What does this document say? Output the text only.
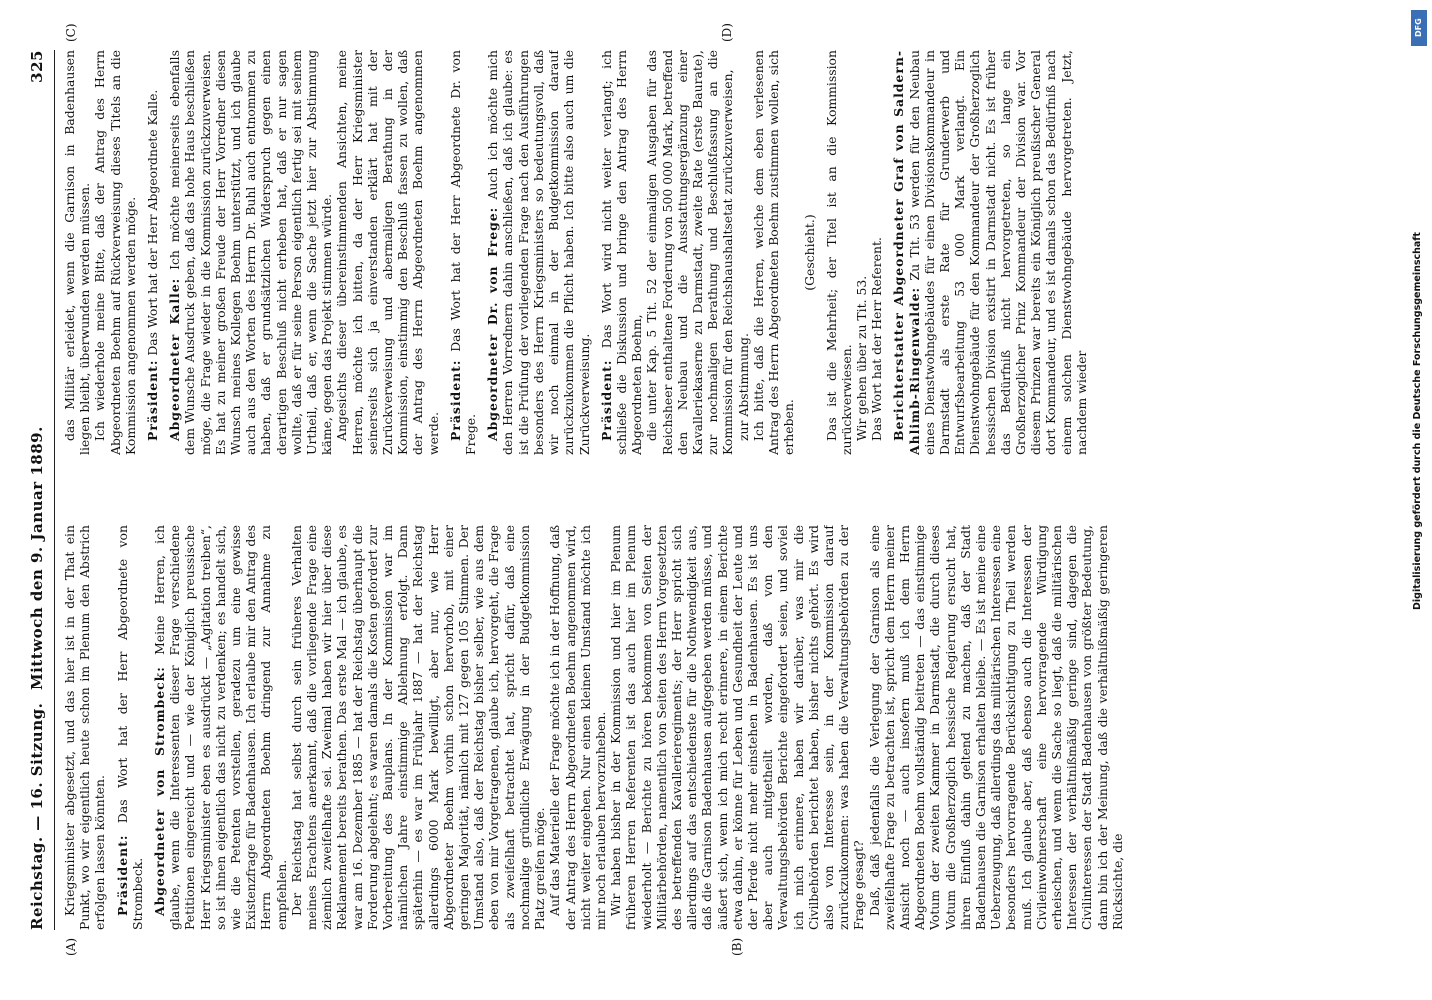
Reichstag. — 16. Sitzung.
Mittwoch den 9. Januar 1889.
325
(A)	(B)
(C)	(D)

Kriegsminister abgesetzt, und das hier ist in der That ein Punkt, wo wir eigentlich heute schon im Plenum den Abstrich erfolgen lassen könnten. Präsident: Das Wort hat der Herr Abgeordnete von Strombeck. Abgeordneter von Strombeck: Meine Herren, ich glaube, wenn die Interessenten dieser Frage verschiedene Petitionen eingereicht und — wie der Königlich preussische Herr Kriegsminister eben es ausdrückt — „Agitation treiben“, so ist ihnen eigentlich das nicht zu verdenken; es handelt sich, wie die Petenten vorstellen, geradezu um eine gewisse Existenzfrage für Badenhausen. Ich erlaube mir den Antrag des Herrn Abgeordneten Boehm dringend zur Annahme zu empfehlen. Der Reichstag hat selbst durch sein früheres Verhalten meines Erachtens anerkannt, daß die vorliegende Frage eine ziemlich zweifelhafte sei. Zweimal haben wir hier über diese Reklamement bereits berathen. Das erste Mal — ich glaube, es war am 16. Dezember 1885 — hat der Reichstag überhaupt die Forderung abgelehnt; es waren damals die Kosten gefordert zur Vorbereitung des Bauplans. In der Kommission war im nämlichen Jahre einstimmige Ablehnung erfolgt. Dann späterhin — es war im Frühjahr 1887 — hat der Reichstag allerdings 6000 Mark bewilligt, aber nur, wie Herr Abgeordneter Boehm vorhin schon hervorhob, mit einer geringen Majorität, nämlich mit 127 gegen 105 Stimmen. Der Umstand also, daß der Reichstag bisher selber, wie aus dem eben von mir Vorgetragenen, glaube ich, hervorgeht, die Frage als zweifelhaft betrachtet hat, spricht dafür, daß eine nochmalige gründliche Erwägung in der Budgetkommission Platz greifen möge. Auf das Materielle der Frage möchte ich in der Hoffnung, daß der Antrag des Herrn Abgeordneten Boehm angenommen wird, nicht weiter eingehen. Nur einen kleinen Umstand möchte ich mir noch erlauben hervorzuheben. Wir haben bisher in der Kommission und hier im Plenum früheren Herren Referenten ist das auch hier im Plenum wiederholt — Berichte zu hören bekommen von Seiten der Militärbehörden, namentlich von Seiten des Herrn Vorgesetzten des betreffenden Kavallerieregiments; der Herr spricht sich allerdings auf das entschiedenste für die Nothwendigkeit aus, daß die Garnison Badenhausen aufgegeben werden müsse, und äußert sich, wenn ich mich recht erinnere, in einem Berichte etwa dahin, er könne für Leben und Gesundheit der Leute und der Pferde nicht mehr einstehen in Badenhausen. Es ist uns aber auch mitgetheilt worden, daß von den Verwaltungsbehörden Berichte eingefordert seien, und soviel ich mich erinnere, haben wir darüber, was mir die Civilbehörden berichtet haben, bisher nichts gehört. Es wird also von Interesse sein, in der Kommission darauf zurückzukommen: was haben die Verwaltungsbehörden zu der Frage gesagt? Daß, daß jedenfalls die Verlegung der Garnison als eine zweifelhafte Frage zu betrachten ist, spricht dem Herrn meiner Ansicht noch — auch insofern muß ich dem Herrn Abgeordneten Boehm vollständig beitreten — das einstimmige Votum der zweiten Kammer in Darmstadt, die durch dieses Votum die Großherzoglich hessische Regierung ersucht hat, ihren Einfluß dahin geltend zu machen, daß der Stadt Badenhausen die Garnison erhalten bleibe. — Es ist meine eine Ueberzeugung, daß allerdings das militärischen Interessen eine besonders hervorragende Berücksichtigung zu Theil werden muß. Ich glaube aber, daß ebenso auch die Interessen der Civileinwohnerschaft eine hervorragende Würdigung erheischen, und wenn die Sache so liegt, daß die militärischen Interessen der verhältnißmäßig geringe sind, dagegen die Civilinteressen der Stadt Badenhausen von größter Bedeutung, dann bin ich der Meinung, daß die verhältnißmäßig geringeren Rücksichte, die

das Militär erleidet, wenn die Garnison in Badenhausen liegen bleibt, überwunden werden müssen. Ich wiederhole meine Bitte, daß der Antrag des Herrn Abgeordneten Boehm auf Rückverweisung dieses Titels an die Kommission angenommen werden möge. Präsident: Das Wort hat der Herr Abgeordnete Kalle. Abgeordneter Kalle: Ich möchte meinerseits ebenfalls dem Wunsche Ausdruck geben, daß das hohe Haus beschließen möge, die Frage wieder in die Kommission zurückzuverweisen. Es hat zu meiner großen Freude der Herr Vorredner diesen Wunsch meines Kollegen Boehm unterstützt, und ich glaube auch aus den Worten des Herrn Dr. Buhl auch entnommen zu haben, daß er grundsätzlichen Widerspruch gegen einen derartigen Beschluß nicht erheben hat, daß er nur sagen wollte, daß er für seine Person eigentlich fertig sei mit seinem Urtheil, daß er, wenn die Sache jetzt hier zur Abstimmung käme, gegen das Projekt stimmen würde. Angesichts dieser übereinstimmenden Ansichten, meine Herren, möchte ich bitten, da der Herr Kriegsminister seinerseits sich ja einverstanden erklärt hat mit der Zurückverweisung und abermaligen Berathung in der Kommission, einstimmig den Beschluß fassen zu wollen, daß der Antrag des Herrn Abgeordneten Boehm angenommen werde. Präsident: Das Wort hat der Herr Abgeordnete Dr. von Frege. Abgeordneter Dr. von Frege: Auch ich möchte mich den Herren Vorrednern dahin anschließen, daß ich glaube: es ist die Prüfung der vorliegenden Frage nach den Ausführungen besonders des Herrn Kriegsministers so bedeutungsvoll, daß wir noch einmal in der Budgetkommission darauf zurückzukommen die Pflicht haben. Ich bitte also auch um die Zurückverweisung. Präsident: Das Wort wird nicht weiter verlangt; ich schließe die Diskussion und bringe den Antrag des Herrn Abgeordneten Boehm, die unter Kap. 5 Tit. 52 der einmaligen Ausgaben für das Reichsheer enthaltene Forderung von 500 000 Mark, betreffend den Neubau und die Ausstattungsergänzung einer Kavalleriekaserne zu Darmstadt, zweite Rate (erste Baurate), zur nochmaligen Berathung und Beschlußfassung an die Kommission für den Reichshaushaltsetat zurückzuverweisen, zur Abstimmung. Ich bitte, daß die Herren, welche dem eben verlesenen Antrag des Herrn Abgeordneten Boehm zustimmen wollen, sich erheben.

(Geschieht.) Das ist die Mehrheit; der Titel ist an die Kommission zurückverwiesen. Wir gehen über zu Tit. 53. Das Wort hat der Herr Referent. Berichterstatter Abgeordneter Graf von Saldern-Ahlimb-Ringenwalde: Zu Tit. 53 werden für den Neubau eines Dienstwohngebäudes für einen Divisionskommandeur in Darmstadt als erste Rate für Grunderwerb und Entwurfsbearbeitung 53 000 Mark verlangt. Ein Dienstwohngebäude für den Kommandeur der Großherzoglich hessischen Division existirt in Darmstadt nicht. Es ist früher das Bedürfniß nicht hervorgetreten, so lange ein Großherzoglicher Prinz Kommandeur der Division war. Vor diesem Prinzen war bereits ein Königlich preußischer General dort Kommandeur, und es ist damals schon das Bedürfniß nach einem solchen Dienstwohngebäude hervorgetreten. Jetzt, nachdem wieder

DFG
Digitalisierung gefördert durch die Deutsche Forschungsgemeinschaft
